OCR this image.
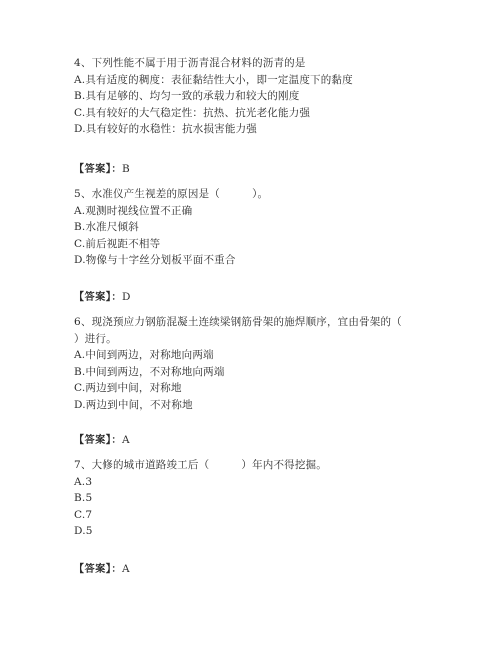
4、下列性能不属于用于沥青混合材料的沥青的是
A.具有适度的稠度：表征黏结性大小，即一定温度下的黏度
B.具有足够的、均匀一致的承载力和较大的刚度
C.具有较好的大气稳定性：抗热、抗光老化能力强
D.具有较好的水稳性：抗水损害能力强
【答案】：B
5、水准仪产生视差的原因是（　　　）。
A.观测时视线位置不正确
B.水准尺倾斜
C.前后视距不相等
D.物像与十字丝分划板平面不重合
【答案】：D
6、现浇预应力钢筋混凝土连续梁钢筋骨架的施焊顺序，宜由骨架的（
）进行。
A.中间到两边，对称地向两端
B.中间到两边，不对称地向两端
C.两边到中间，对称地
D.两边到中间，不对称地
【答案】：A
7、大修的城市道路竣工后（　　　）年内不得挖掘。
A.3
B.5
C.7
D.5
【答案】：A
